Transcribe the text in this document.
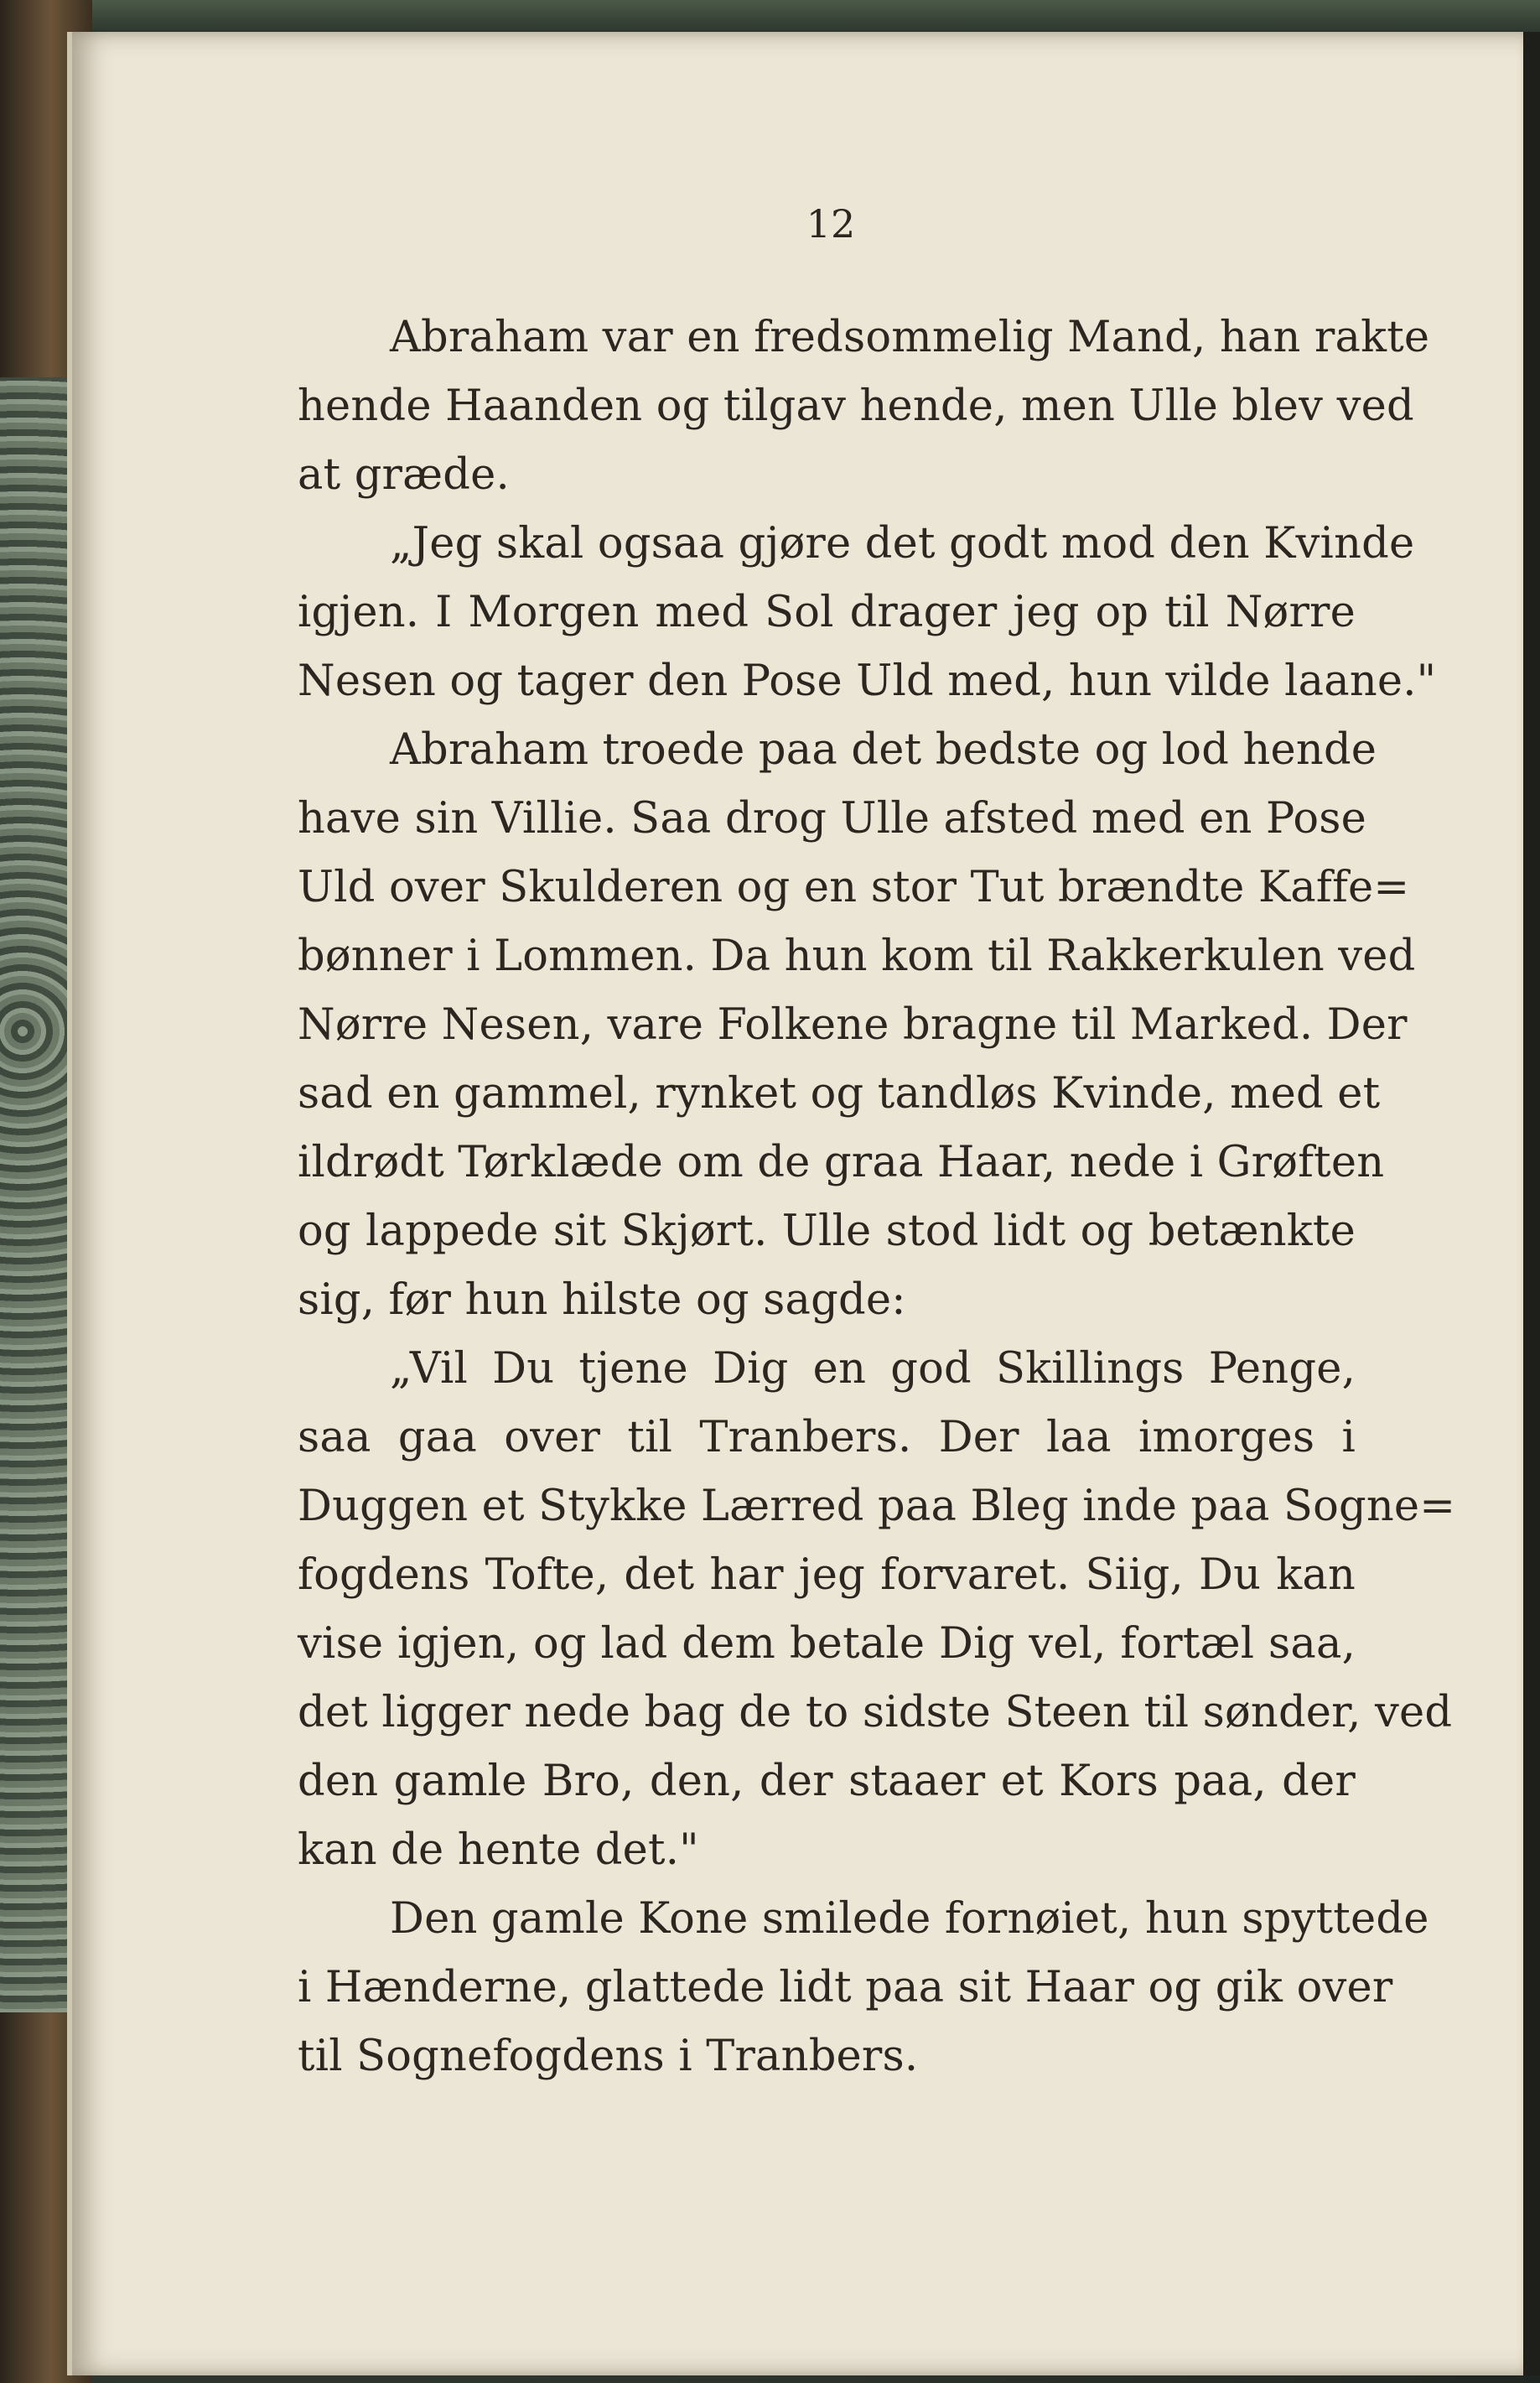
12
Abraham var en fredsommelig Mand, han rakte
hende Haanden og tilgav hende, men Ulle blev ved
at græde.
„Jeg skal ogsaa gjøre det godt mod den Kvinde
igjen. I Morgen med Sol drager jeg op til Nørre
Nesen og tager den Pose Uld med, hun vilde laane."
Abraham troede paa det bedste og lod hende
have sin Villie. Saa drog Ulle afsted med en Pose
Uld over Skulderen og en stor Tut brændte Kaffe=
bønner i Lommen. Da hun kom til Rakkerkulen ved
Nørre Nesen, vare Folkene bragne til Marked. Der
sad en gammel, rynket og tandløs Kvinde, med et
ildrødt Tørklæde om de graa Haar, nede i Grøften
og lappede sit Skjørt. Ulle stod lidt og betænkte
sig, før hun hilste og sagde:
„Vil Du tjene Dig en god Skillings Penge,
saa gaa over til Tranbers. Der laa imorges i
Duggen et Stykke Lærred paa Bleg inde paa Sogne=
fogdens Tofte, det har jeg forvaret. Siig, Du kan
vise igjen, og lad dem betale Dig vel, fortæl saa,
det ligger nede bag de to sidste Steen til sønder, ved
den gamle Bro, den, der staaer et Kors paa, der
kan de hente det."
Den gamle Kone smilede fornøiet, hun spyttede
i Hænderne, glattede lidt paa sit Haar og gik over
til Sognefogdens i Tranbers.
